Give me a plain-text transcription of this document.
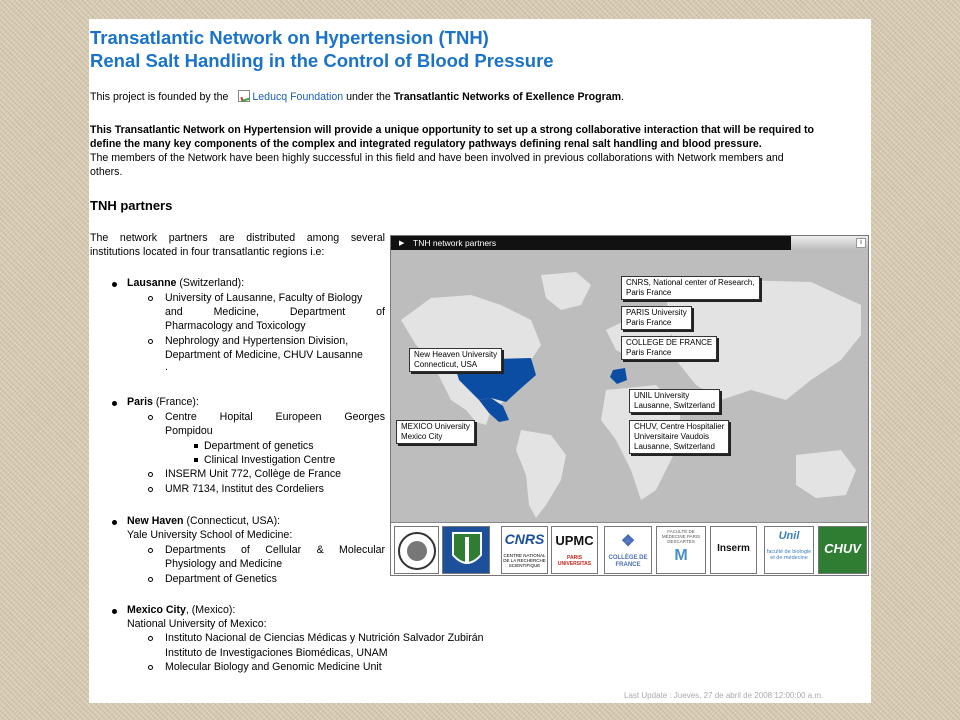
Transatlantic Network on Hypertension (TNH)
Renal Salt Handling in the Control of Blood Pressure
This project is founded by the Leducq Foundation under the Transatlantic Networks of Exellence Program.
This Transatlantic Network on Hypertension will provide a unique opportunity to set up a strong collaborative interaction that will be required to
define the many key components of the complex and integrated regulatory pathways defining renal salt handling and blood pressure.
The members of the Network have been highly successful in this field and have been involved in previous collaborations with Network members and
others.
TNH partners
The network partners are distributed among several institutions located in four transatlantic regions i.e:
Lausanne (Switzerland):
University of Lausanne, Faculty of Biology
and Medicine, Department of
Pharmacology and Toxicology
Nephrology and Hypertension Division,
Department of Medicine, CHUV Lausanne
.
Paris (France):
Centre Hopital Europeen Georges
Pompidou
Department of genetics
Clinical Investigation Centre
INSERM Unit 772, Collège de France
UMR 7134, Institut des Cordeliers
New Haven (Connecticut, USA):
Yale University School of Medicine:
Departments of Cellular & Molecular
Physiology and Medicine
Department of Genetics
Mexico City, (Mexico):
National University of Mexico:
Instituto Nacional de Ciencias Médicas y Nutrición Salvador Zubirán
Instituto de Investigaciones Biomédicas, UNAM
Molecular Biology and Genomic Medicine Unit
▶ TNH network partners	i
CNRS, National center of Research,
Paris France
PARIS University
Paris France
COLLEGE DE FRANCE
Paris France
New Heaven University
Connecticut, USA
UNIL University
Lausanne, Switzerland
MEXICO University
Mexico City
CHUV, Centre Hospitalier
Universitaire Vaudois
Lausanne, Switzerland
CNRS
CENTRE NATIONAL DE LA RECHERCHE SCIENTIFIQUE
UPMC
PARIS UNIVERSITAS
❖
COLLÈGE DE FRANCE
FACULTÉ DE MÉDECINE PARIS DESCARTES
M	Inserm
Unil
faculté de biologie et de médecine
CHUV
Last Update : Jueves, 27 de abril de 2008 12:00:00 a.m.
